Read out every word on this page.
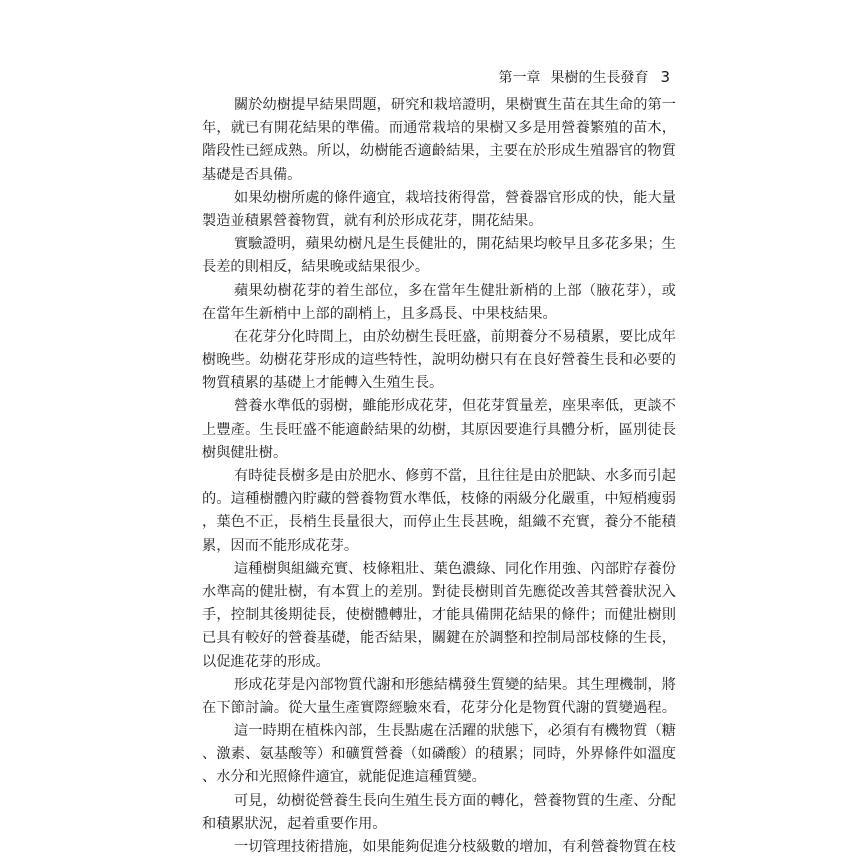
第一章 果樹的生長發育 3
關於幼樹提早結果問題，研究和栽培證明，果樹實生苗在其生命的第一
年，就已有開花結果的準備。而通常栽培的果樹又多是用營養繁殖的苗木，
階段性已經成熟。所以，幼樹能否適齡結果，主要在於形成生殖器官的物質
基礎是否具備。
如果幼樹所處的條件適宜，栽培技術得當，營養器官形成的快，能大量
製造並積累營養物質，就有利於形成花芽，開花結果。
實驗證明，蘋果幼樹凡是生長健壯的，開花結果均較早且多花多果；生
長差的則相反，結果晚或結果很少。
蘋果幼樹花芽的着生部位，多在當年生健壯新梢的上部（腋花芽），或
在當年生新梢中上部的副梢上，且多爲長、中果枝結果。
在花芽分化時間上，由於幼樹生長旺盛，前期養分不易積累，要比成年
樹晚些。幼樹花芽形成的這些特性，說明幼樹只有在良好營養生長和必要的
物質積累的基礎上才能轉入生殖生長。
營養水準低的弱樹，雖能形成花芽，但花芽質量差，座果率低，更談不
上豐產。生長旺盛不能適齡結果的幼樹，其原因要進行具體分析，區別徒長
樹與健壯樹。
有時徒長樹多是由於肥水、修剪不當，且往往是由於肥缺、水多而引起
的。這種樹體內貯藏的營養物質水準低，枝條的兩級分化嚴重，中短梢瘦弱
，葉色不正，長梢生長量很大，而停止生長甚晚，組織不充實，養分不能積
累，因而不能形成花芽。
這種樹與組織充實、枝條粗壯、葉色濃綠、同化作用強、內部貯存養份
水準高的健壯樹，有本質上的差別。對徒長樹則首先應從改善其營養狀況入
手，控制其後期徒長，使樹體轉壯，才能具備開花結果的條件；而健壯樹則
已具有較好的營養基礎，能否結果，關鍵在於調整和控制局部枝條的生長，
以促進花芽的形成。
形成花芽是內部物質代謝和形態結構發生質變的結果。其生理機制，將
在下節討論。從大量生產實際經驗來看，花芽分化是物質代謝的質變過程。
這一時期在植株內部，生長點處在活躍的狀態下，必須有有機物質（糖
、激素、氨基酸等）和礦質營養（如磷酸）的積累；同時，外界條件如溫度
、水分和光照條件適宜，就能促進這種質變。
可見，幼樹從營養生長向生殖生長方面的轉化，營養物質的生產、分配
和積累狀況，起着重要作用。
一切管理技術措施，如果能夠促進分枝級數的增加，有利營養物質在枝
